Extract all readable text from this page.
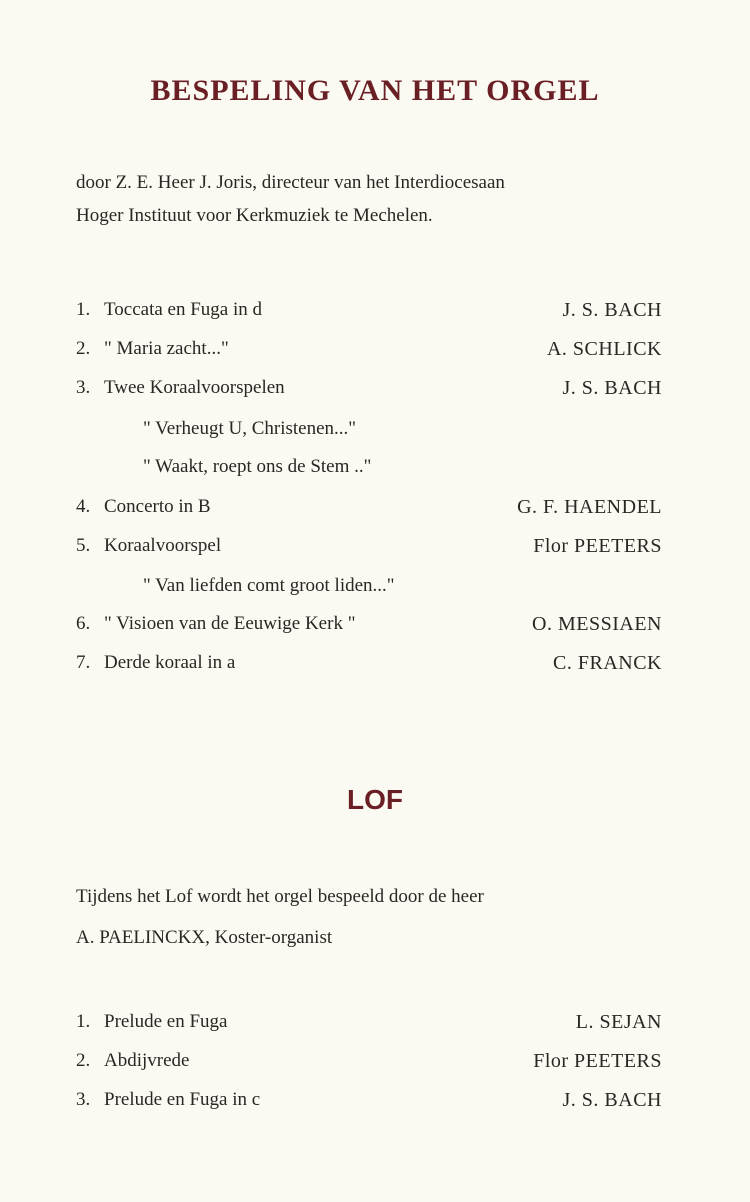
BESPELING VAN HET ORGEL
door Z. E. Heer J. Joris, directeur van het Interdiocesaan
Hoger Instituut voor Kerkmuziek te Mechelen.
1. Toccata en Fuga in d	J. S. BACH
2. " Maria zacht..."	A. SCHLICK
3. Twee Koraalvoorspelen	J. S. BACH
" Verheugt U, Christenen..."
" Waakt, roept ons de Stem .."
4. Concerto in B	G. F. HAENDEL
5. Koraalvoorspel	Flor PEETERS
" Van liefden comt groot liden..."
6. " Visioen van de Eeuwige Kerk "	O. MESSIAEN
7. Derde koraal in a	C. FRANCK
LOF
Tijdens het Lof wordt het orgel bespeeld door de heer
A. PAELINCKX, Koster-organist
1. Prelude en Fuga	L. SEJAN
2. Abdijvrede	Flor PEETERS
3. Prelude en Fuga in c	J. S. BACH
